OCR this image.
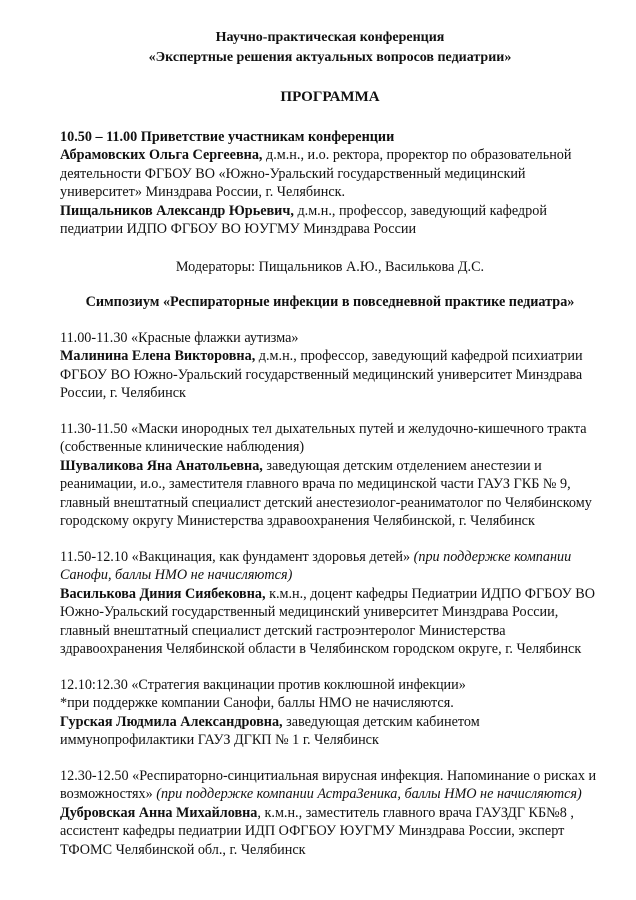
Научно-практическая конференция

«Экспертные решения актуальных вопросов педиатрии»

ПРОГРАММА

10.50 – 11.00 Приветствие участникам конференции

Абрамовских Ольга Сергеевна, д.м.н., и.о. ректора, проректор по образовательной деятельности ФГБОУ ВО «Южно-Уральский государственный медицинский университет» Минздрава России, г. Челябинск.

Пищальников Александр Юрьевич, д.м.н., профессор, заведующий кафедрой педиатрии ИДПО ФГБОУ ВО ЮУГМУ Минздрава России

Модераторы: Пищальников А.Ю., Василькова Д.С.

Симпозиум «Респираторные инфекции в повседневной практике педиатра»

11.00-11.30 «Красные флажки аутизма»

Малинина Елена Викторовна, д.м.н., профессор, заведующий кафедрой психиатрии ФГБОУ ВО Южно-Уральский государственный медицинский университет Минздрава России, г. Челябинск

11.30-11.50 «Маски инородных тел дыхательных путей и желудочно-кишечного тракта (собственные клинические наблюдения)

Шуваликова Яна Анатольевна, заведующая детским отделением анестезии и реанимации, и.о., заместителя главного врача по медицинской части ГАУЗ ГКБ № 9, главный внештатный специалист детский анестезиолог-реаниматолог по Челябинскому городскому округу Министерства здравоохранения Челябинской, г. Челябинск

11.50-12.10 «Вакцинация, как фундамент здоровья детей» (при поддержке компании Санофи, баллы НМО не начисляются)

Василькова Диния Сиябековна, к.м.н., доцент кафедры Педиатрии ИДПО ФГБОУ ВО Южно-Уральский государственный медицинский университет Минздрава России, главный внештатный специалист детский гастроэнтеролог Министерства здравоохранения Челябинской области в Челябинском городском округе, г. Челябинск

12.10:12.30 «Стратегия вакцинации против коклюшной инфекции»

*при поддержке компании Санофи, баллы НМО не начисляются.

Гурская Людмила Александровна, заведующая детским кабинетом иммунопрофилактики ГАУЗ ДГКП № 1 г. Челябинск

12.30-12.50 «Респираторно-синцитиальная вирусная инфекция. Напоминание о рисках и возможностях» (при поддержке компании АстраЗеника, баллы НМО не начисляются)

Дубровская Анна Михайловна, к.м.н., заместитель главного врача ГАУЗДГ КБ№8 , ассистент кафедры педиатрии ИДП ОФГБОУ ЮУГМУ Минздрава России, эксперт ТФОМС Челябинской обл., г. Челябинск
